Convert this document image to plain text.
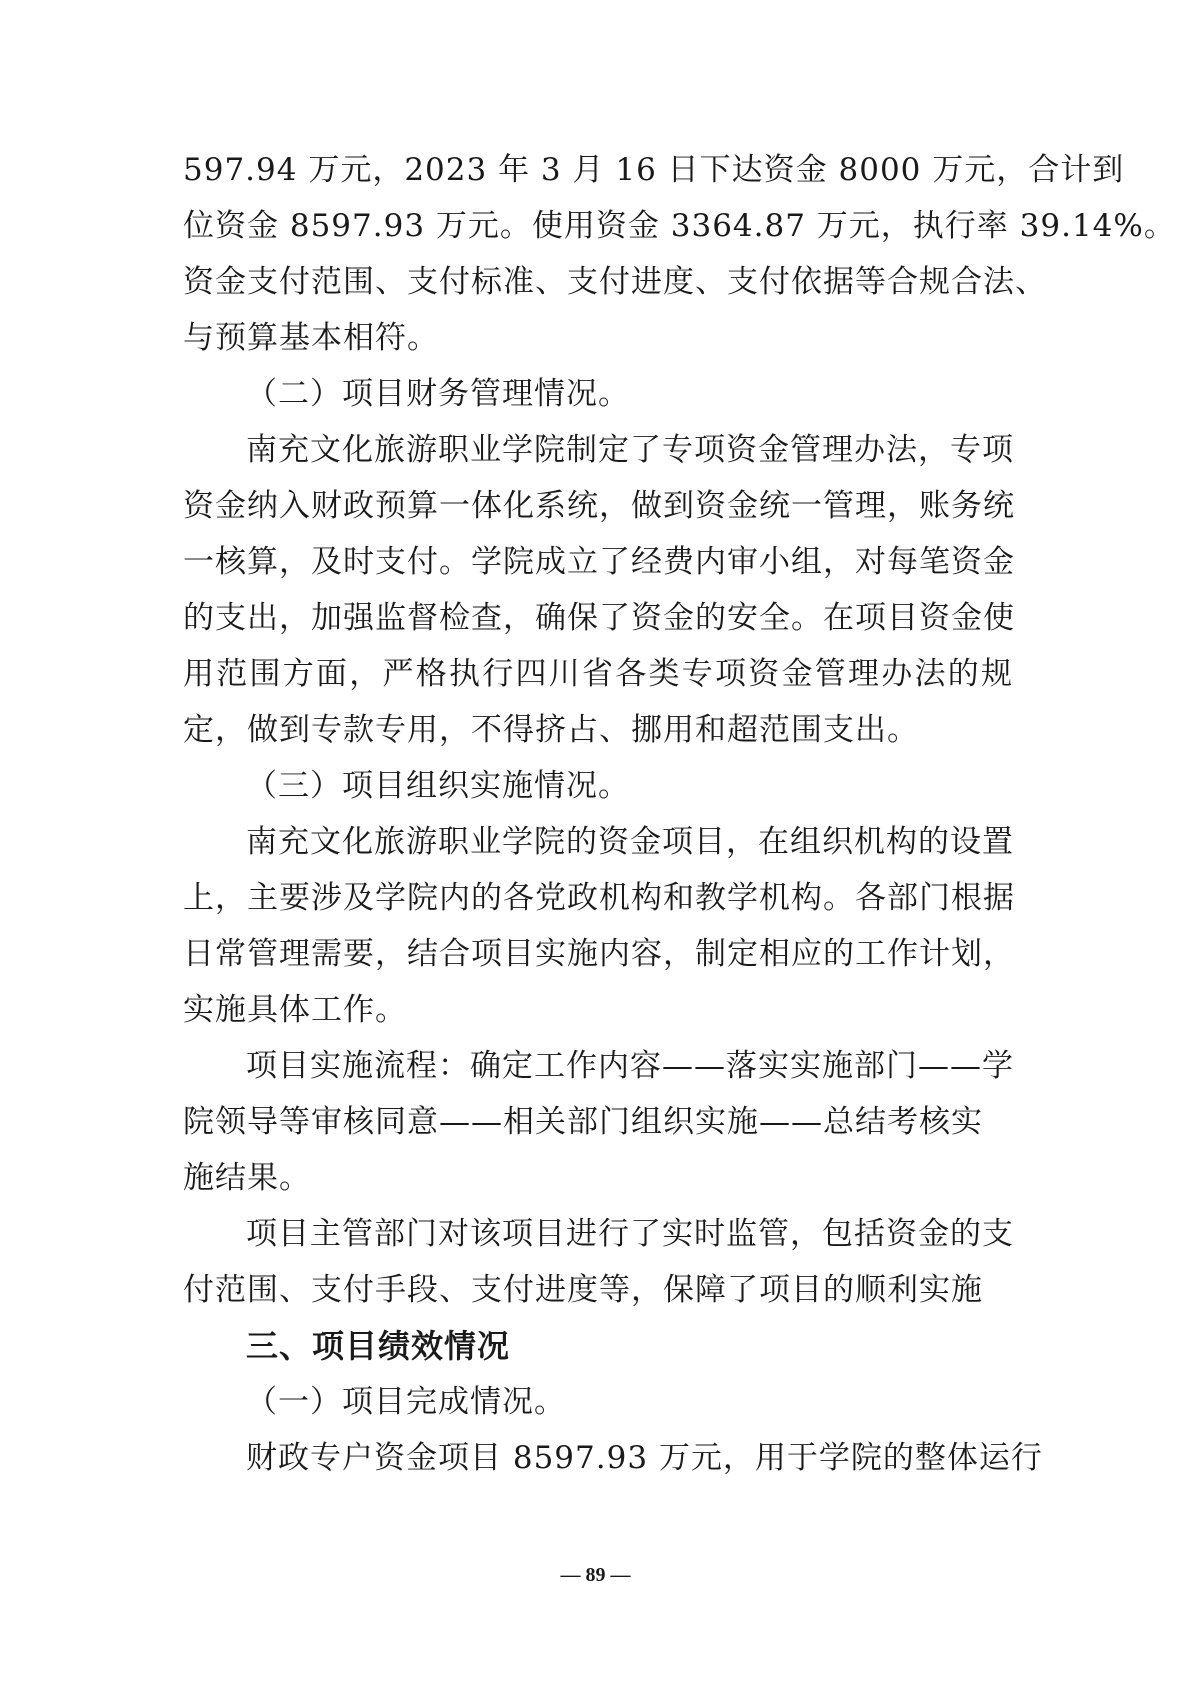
597.94 万元，2023 年 3 月 16 日下达资金 8000 万元，合计到
位资金 8597.93 万元。使用资金 3364.87 万元，执行率 39.14%。
资金支付范围、支付标准、支付进度、支付依据等合规合法、
与预算基本相符。
（二）项目财务管理情况。
南充文化旅游职业学院制定了专项资金管理办法，专项
资金纳入财政预算一体化系统，做到资金统一管理，账务统
一核算，及时支付。学院成立了经费内审小组，对每笔资金
的支出，加强监督检查，确保了资金的安全。在项目资金使
用范围方面，严格执行四川省各类专项资金管理办法的规
定，做到专款专用，不得挤占、挪用和超范围支出。
（三）项目组织实施情况。
南充文化旅游职业学院的资金项目，在组织机构的设置
上，主要涉及学院内的各党政机构和教学机构。各部门根据
日常管理需要，结合项目实施内容，制定相应的工作计划，
实施具体工作。
项目实施流程：确定工作内容——落实实施部门——学
院领导等审核同意——相关部门组织实施——总结考核实
施结果。
项目主管部门对该项目进行了实时监管，包括资金的支
付范围、支付手段、支付进度等，保障了项目的顺利实施
三、项目绩效情况
（一）项目完成情况。
财政专户资金项目 8597.93 万元，用于学院的整体运行
— 89 —
